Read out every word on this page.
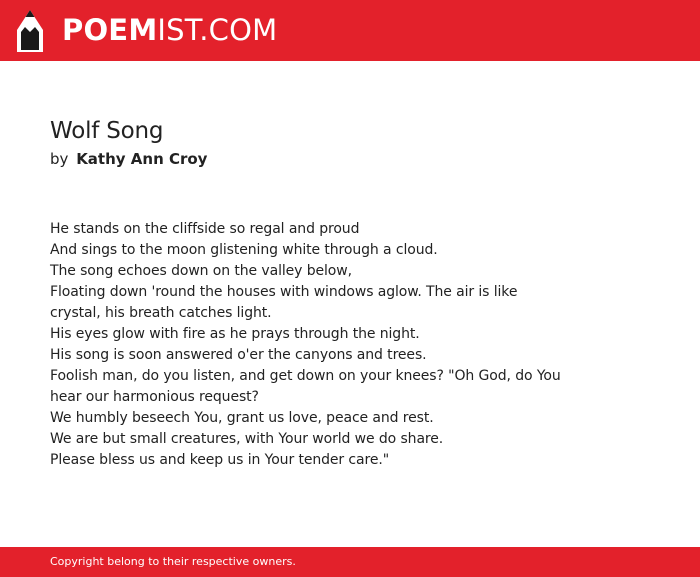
POEMIST.COM
Wolf Song
by Kathy Ann Croy
He stands on the cliffside so regal and proud
And sings to the moon glistening white through a cloud.
The song echoes down on the valley below,
Floating down 'round the houses with windows aglow. The air is like
crystal, his breath catches light.
His eyes glow with fire as he prays through the night.
His song is soon answered o'er the canyons and trees.
Foolish man, do you listen, and get down on your knees? "Oh God, do You
hear our harmonious request?
We humbly beseech You, grant us love, peace and rest.
We are but small creatures, with Your world we do share.
Please bless us and keep us in Your tender care."
Copyright belong to their respective owners.
